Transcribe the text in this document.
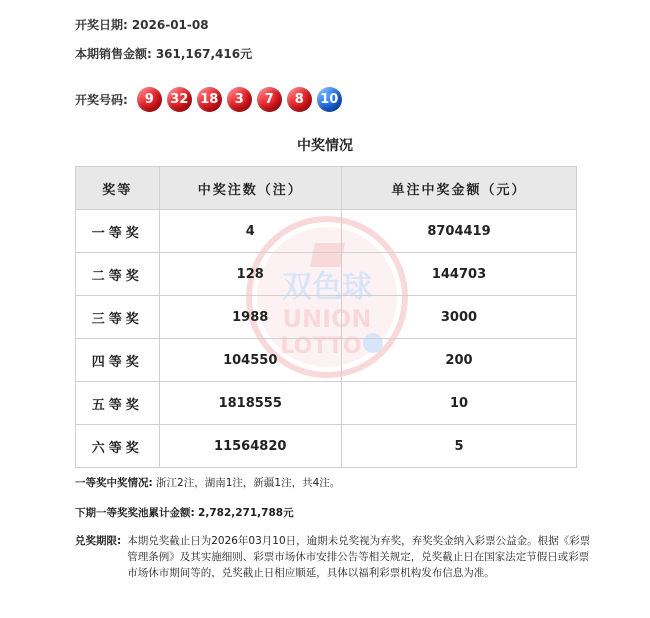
开奖日期: 2026-01-08
本期销售金额: 361,167,416元
开奖号码:	9	32 18	3	7	8	10
中奖情况
双色球
UNION
LOTTO
奖等	中奖注数（注）	单注中奖金额（元）
一等奖	4	8704419
二等奖	128	144703
三等奖	1988	3000
四等奖	104550	200
五等奖	1818555	10
六等奖	11564820	5
一等奖中奖情况: 浙江2注，湖南1注，新疆1注，共4注。
下期一等奖奖池累计金额: 2,782,271,788元
兑奖期限: 本期兑奖截止日为2026年03月10日，逾期未兑奖视为弃奖，弃奖奖金纳入彩票公益金。根据《彩票管理条例》及其实施细则、彩票市场休市安排公告等相关规定，兑奖截止日在国家法定节假日或彩票市场休市期间等的，兑奖截止日相应顺延，具体以福利彩票机构发布信息为准。
